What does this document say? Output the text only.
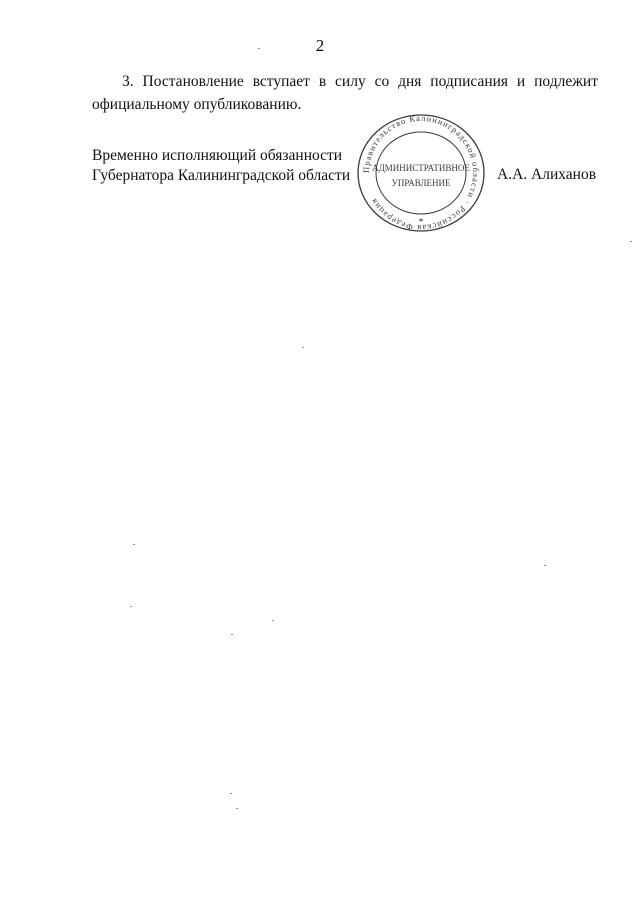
2

3. Постановление вступает в силу со дня подписания и подлежит официальному опубликованию.

Временно исполняющий обязанности
Губернатора Калининградской области	А.А. Алиханов
Правительство Калининградской области · Российская Федерация
АДМИНИСТРАТИВНОЕ
УПРАВЛЕНИЕ
*
